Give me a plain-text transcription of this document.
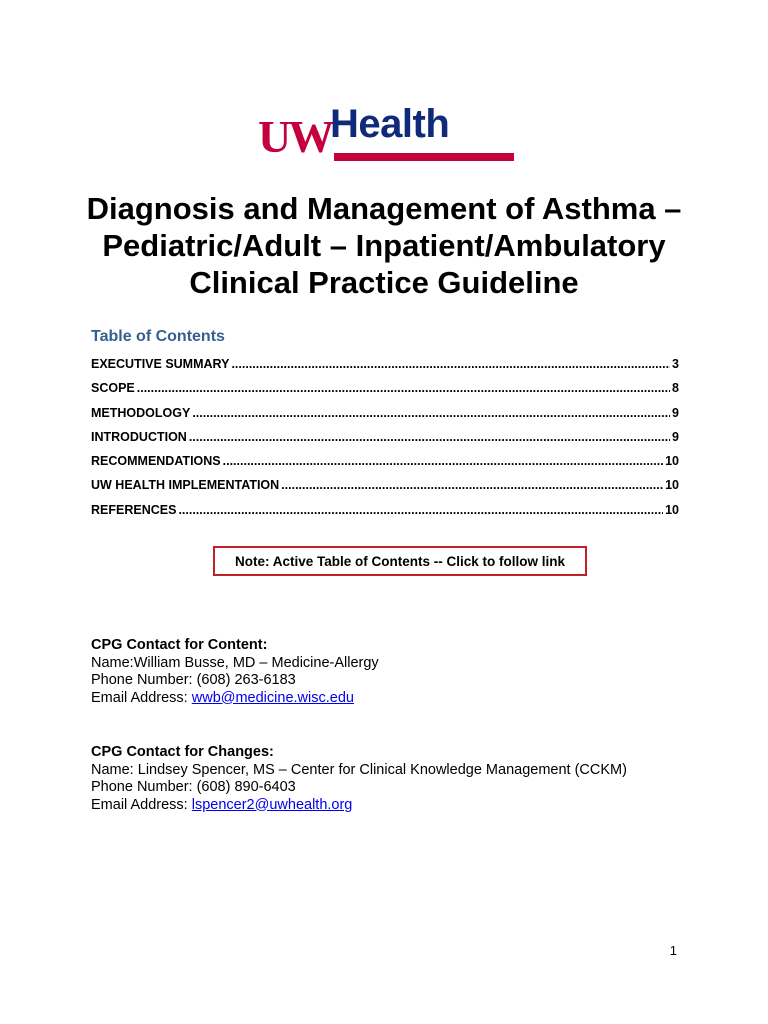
UW
Health
Diagnosis and Management of Asthma –
Pediatric/Adult – Inpatient/Ambulatory
Clinical Practice Guideline
Table of Contents
EXECUTIVE SUMMARY .....	3
SCOPE .....	8
METHODOLOGY .....	9
INTRODUCTION .....	9
RECOMMENDATIONS .....	10
UW HEALTH IMPLEMENTATION .....	10
REFERENCES .....	10
Note: Active Table of Contents -- Click to follow link
CPG Contact for Content:
Name:William Busse, MD – Medicine-Allergy
Phone Number: (608) 263-6183
Email Address: wwb@medicine.wisc.edu
CPG Contact for Changes:
Name: Lindsey Spencer, MS – Center for Clinical Knowledge Management (CCKM)
Phone Number: (608) 890-6403
Email Address: lspencer2@uwhealth.org
1
